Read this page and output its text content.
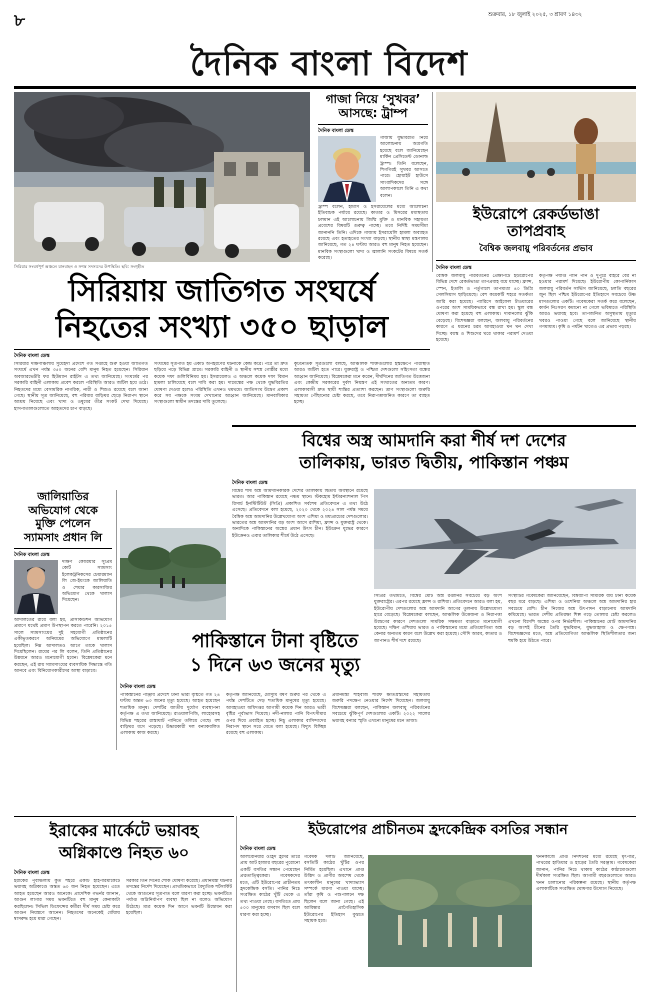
৮	শুক্রবার, ১৮ জুলাই ২০২৫, ৩ শ্রাবণ ১৪৩২
দৈনিক বাংলা বিদেশ
সিরিয়ার সংঘর্ষপূর্ণ অঞ্চলে যানবাহন ও সশস্ত্র সদস্যদের উপস্থিতি। ছবি: সংগৃহীত
গাজা নিয়ে ‘সুখবর’
আসছে: ট্রাম্প
দৈনিক বাংলা ডেস্ক
গাজায় যুদ্ধবিরতি নিয়ে আলোচনায় অগ্রগতি হয়েছে বলে জানিয়েছেন মার্কিন প্রেসিডেন্ট ডোনাল্ড ট্রাম্প। তিনি বলেছেন, শিগগিরই সুখবর আসতে পারে। হোয়াইট হাউসে সাংবাদিকদের সঙ্গে আলাপকালে তিনি এ কথা বলেন।
ট্রাম্প বলেন, হামাস ও ইসরায়েলের মধ্যে আলোচনা ইতিবাচক পর্যায়ে রয়েছে। কাতার ও মিসরের মধ্যস্থতায় চলমান এই আলোচনায় জিম্মি মুক্তি ও মানবিক সহায়তা প্রবেশের বিষয়টি গুরুত্ব পাচ্ছে। তবে নির্দিষ্ট সময়সীমা জানাননি তিনি। এদিকে গাজায় ইসরায়েলি হামলা অব্যাহত রয়েছে এবং হতাহতের সংখ্যা বাড়ছে। স্থানীয় স্বাস্থ্য মন্ত্রণালয় জানিয়েছে, গত ২৪ ঘণ্টায় আরও বহু মানুষ নিহত হয়েছেন। মানবিক সংস্থাগুলো খাদ্য ও জ্বালানি সংকটের বিষয়ে সতর্ক করেছে।
ইউরোপে রেকর্ডভাঙা
তাপপ্রবাহ
বৈশ্বিক জলবায়ু পরিবর্তনের প্রভাব
দৈনিক বাংলা ডেস্ক
বৈশ্বিক জলবায়ু পরিবর্তনের প্রেক্ষাপটে ইউরোপের বিভিন্ন দেশে রেকর্ডভাঙা তাপপ্রবাহ বয়ে যাচ্ছে। ফ্রান্স, স্পেন, ইতালি ও পর্তুগালে তাপমাত্রা ৪০ ডিগ্রি সেলসিয়াস ছাড়িয়েছে। বেশ কয়েকটি শহরে সতর্কতা জারি করা হয়েছে। প্যারিসে আইফেল টাওয়ারের ওপরের অংশ সাময়িকভাবে বন্ধ রাখা হয়। স্কুল বন্ধ ঘোষণা করা হয়েছে বহু এলাকায়। দাবানলের ঝুঁকি বেড়েছে। বিশেষজ্ঞরা বলছেন, জলবায়ু পরিবর্তনের কারণে এ ধরনের চরম আবহাওয়া ঘন ঘন দেখা দিচ্ছে। বয়স্ক ও শিশুদের ঘরে থাকার পরামর্শ দেওয়া হয়েছে।
কর্তৃপক্ষ পর্যাপ্ত পানি পান ও দুপুরে বাইরে বের না হওয়ার পরামর্শ দিয়েছে। ইউরোপীয় কোপার্নিকাস জলবায়ু পরিবর্তন সার্ভিস জানিয়েছে, চলতি বছরের জুন ছিল পশ্চিম ইউরোপের ইতিহাসে সবচেয়ে উষ্ণ মাসগুলোর একটি। গবেষকেরা সতর্ক করে বলেছেন, কার্বন নিঃসরণ কমানো না গেলে ভবিষ্যতে পরিস্থিতি আরও ভয়াবহ হবে। তাপজনিত অসুস্থতায় মৃত্যুর খবরও পাওয়া গেছে বলে জানিয়েছে স্থানীয় গণমাধ্যম। কৃষি ও পর্যটন খাতেও এর প্রভাব পড়ছে।
সিরিয়ায় জাতিগত সংঘর্ষে
নিহতের সংখ্যা ৩৫০ ছাড়াল
দৈনিক বাংলা ডেস্ক
সিরিয়ার দক্ষিণাঞ্চলীয় সুয়েইদা প্রদেশে গত সপ্তাহে শুরু হওয়া জাতিগত সংঘর্ষে এখন পর্যন্ত ৩৫০ জনের বেশি মানুষ নিহত হয়েছেন। সিরিয়ান অবজারভেটরি ফর হিউম্যান রাইটস এ তথ্য জানিয়েছে। সংঘর্ষের পর সরকারি বাহিনী এলাকায় প্রবেশ করলে পরিস্থিতি আরও জটিল হয়ে ওঠে। নিহতদের মধ্যে বেসামরিক নাগরিক, নারী ও শিশুও রয়েছে বলে জানা গেছে। স্থানীয় সূত্র জানিয়েছে, বহু পরিবার বাড়িঘর ছেড়ে নিরাপদ স্থানে আশ্রয় নিয়েছে এবং খাদ্য ও ওষুধের তীব্র সংকট দেখা দিয়েছে। হাসপাতালগুলোতে আহতদের চাপ বাড়ছে।
সংঘর্ষের সূত্রপাত হয় একটি অপহরণের ঘটনাকে কেন্দ্র করে। পরে তা দ্রুত ছড়িয়ে পড়ে বিভিন্ন গ্রামে। সরকারি বাহিনী ও স্থানীয় সশস্ত্র গোষ্ঠীর মধ্যে কয়েক দফা গুলিবিনিময় হয়। ইসরায়েলও এ অঞ্চলে কয়েক দফা বিমান হামলা চালিয়েছে বলে দাবি করা হয়। দামেস্কের পক্ষ থেকে যুদ্ধবিরতির ঘোষণা দেওয়া হলেও পরিস্থিতি এখনও থমথমে। জাতিসংঘ উদ্বেগ প্রকাশ করে সব পক্ষকে সংযম দেখানোর আহ্বান জানিয়েছে। মানবাধিকার সংস্থাগুলো স্বাধীন তদন্তের দাবি তুলেছে।
কূটনৈতিক সূত্রগুলো বলছে, আঞ্চলিক শক্তিগুলোর হস্তক্ষেপে পরিস্থিতি আরও জটিল হতে পারে। যুক্তরাষ্ট্র ও পশ্চিমা দেশগুলো সহিংসতা বন্ধের আহ্বান জানিয়েছে। বিশ্লেষকেরা মনে করেন, দীর্ঘদিনের জাতিগত উত্তেজনা এবং কেন্দ্রীয় সরকারের দুর্বল নিয়ন্ত্রণ এই সংঘাতের অন্যতম কারণ। এলাকাবাসী দ্রুত স্থায়ী শান্তির প্রত্যাশা করছেন। ত্রাণ সংস্থাগুলো জরুরি সহায়তা পৌঁছানোর চেষ্টা করছে, তবে নিরাপত্তাজনিত কারণে তা ব্যাহত হচ্ছে।
বিশ্বের অস্ত্র আমদানি করা শীর্ষ দশ দেশের
তালিকায়, ভারত দ্বিতীয়, পাকিস্তান পঞ্চম
দৈনিক বাংলা ডেস্ক
বিশ্বের শীর্ষ অস্ত্র আমদানিকারক দেশের তালিকায় দ্বিতীয় অবস্থানে রয়েছে ভারত। আর পাকিস্তান রয়েছে পঞ্চম স্থানে। স্টকহোম ইন্টারন্যাশনাল পিস রিসার্চ ইনস্টিটিউট (সিপ্রি) প্রকাশিত সর্বশেষ প্রতিবেদনে এ তথ্য উঠে এসেছে। প্রতিবেদনে বলা হয়েছে, ২০২০ থেকে ২০২৪ সাল পর্যন্ত সময়ে বৈশ্বিক অস্ত্র আমদানির উল্লেখযোগ্য অংশ এশিয়া ও মধ্যপ্রাচ্যের দেশগুলোর। ভারতের অস্ত্র আমদানির বড় অংশ আসে রাশিয়া, ফ্রান্স ও যুক্তরাষ্ট্র থেকে। অন্যদিকে পাকিস্তানের অস্ত্রের প্রধান উৎস চীন। ইউক্রেন যুদ্ধের কারণে ইউক্রেনও এবার তালিকার শীর্ষে উঠে এসেছে।
সিপ্রির তথ্যমতে, বিশ্বের মোট অস্ত্র রপ্তানির সবচেয়ে বড় অংশ যুক্তরাষ্ট্রের। এরপর রয়েছে ফ্রান্স ও রাশিয়া। প্রতিবেদনে আরও বলা হয়, ইউরোপীয় দেশগুলোর অস্ত্র আমদানি আগের তুলনায় উল্লেখযোগ্য হারে বেড়েছে। বিশ্লেষকেরা বলছেন, আঞ্চলিক উত্তেজনা ও নিরাপত্তা উদ্বেগের কারণে দেশগুলো সামরিক সক্ষমতা বাড়াতে মনোযোগী হয়েছে। দক্ষিণ এশিয়ায় ভারত ও পাকিস্তানের মধ্যে প্রতিযোগিতা অস্ত্র কেনার অন্যতম কারণ বলে উল্লেখ করা হয়েছে। সৌদি আরব, কাতার ও জাপানও শীর্ষ দশে রয়েছে।
সংস্থাটির গবেষকেরা জানিয়েছেন, বিশ্বব্যাপী সামরিক ব্যয় টানা কয়েক বছর ধরে বাড়ছে। এশিয়া ও ওশেনিয়া অঞ্চলে অস্ত্র আমদানির হার সবচেয়ে বেশি। চীন নিজের অস্ত্র উৎপাদন বাড়ানোয় আমদানি কমিয়েছে। ভারত দেশীয় প্রতিরক্ষা শিল্প গড়ে তোলার চেষ্টা করলেও এখনো বিদেশি অস্ত্রের ওপর নির্ভরশীল। পাকিস্তানের মোট আমদানির বড় অংশই চীনের তৈরি যুদ্ধবিমান, যুদ্ধজাহাজ ও ক্ষেপণাস্ত্র। বিশেষজ্ঞদের মতে, অস্ত্র প্রতিযোগিতা আঞ্চলিক স্থিতিশীলতার জন্য হুমকি হয়ে উঠতে পারে।
জালিয়াতির
অভিযোগ থেকে
মুক্তি পেলেন
স্যামসাং প্রধান লি
দৈনিক বাংলা ডেস্ক
দক্ষিণ কোরিয়ার সুপ্রিম কোর্ট স্যামসাং ইলেকট্রনিকসের চেয়ারম্যান লি জে-ইয়ংকে জালিয়াতি ও শেয়ার কারসাজির অভিযোগ থেকে খালাস দিয়েছেন।
আদালতের রায়ে বলা হয়, প্রসিকিউশন অভিযোগ প্রমাণে যথেষ্ট প্রমাণ উপস্থাপন করতে পারেনি। ২০১৫ সালে স্যামসাংয়ের দুই সহযোগী প্রতিষ্ঠানের একীভূতকরণে অনিয়মের অভিযোগে মামলাটি হয়েছিল। নিম্ন আদালতও আগে তাকে খালাস দিয়েছিলেন। রায়ের পর লি বলেন, তিনি প্রতিষ্ঠানের উন্নয়নে আরও মনোযোগী হবেন। বিশ্লেষকেরা মনে করছেন, এই রায় স্যামসাংয়ের ব্যবসায়িক সিদ্ধান্তে গতি আনবে এবং বিনিয়োগকারীদের আস্থা বাড়াবে।
পাকিস্তানে টানা বৃষ্টিতে
১ দিনে ৬৩ জনের মৃত্যু
দৈনিক বাংলা ডেস্ক
পাকিস্তানের পাঞ্জাব প্রদেশে টানা ভারী বৃষ্টিতে গত ২৪ ঘণ্টায় অন্তত ৬৩ জনের মৃত্যু হয়েছে। আহত হয়েছেন শতাধিক মানুষ। দেশটির জাতীয় দুর্যোগ ব্যবস্থাপনা কর্তৃপক্ষ এ তথ্য জানিয়েছে। রাওয়ালপিন্ডি, লাহোরসহ বিভিন্ন শহরের রাস্তাঘাট পানিতে তলিয়ে গেছে। বহু বাড়িঘর ধসে পড়েছে। উদ্ধারকারী দল বন্যাকবলিত এলাকায় কাজ করছে।
কর্তৃপক্ষ জানিয়েছে, মৌসুমি বর্ষণ শুরুর পর থেকে এ পর্যন্ত দেশটিতে দেড় শতাধিক মানুষের মৃত্যু হয়েছে। আবহাওয়া অধিদপ্তর আগামী কয়েক দিন আরও ভারী বৃষ্টির পূর্বাভাস দিয়েছে। নদী-নালার পানি বিপৎসীমার ওপর দিয়ে প্রবাহিত হচ্ছে। নিচু এলাকার বাসিন্দাদের নিরাপদ স্থানে সরে যেতে বলা হয়েছে। বিদ্যুৎ বিচ্ছিন্ন রয়েছে বহু এলাকায়।
প্রধানমন্ত্রী শাহবাজ শরিফ ক্ষতিগ্রস্তদের সহায়তায় জরুরি পদক্ষেপ নেওয়ার নির্দেশ দিয়েছেন। জলবায়ু বিশেষজ্ঞরা বলছেন, পাকিস্তান জলবায়ু পরিবর্তনের সবচেয়ে ঝুঁকিপূর্ণ দেশগুলোর একটি। ২০২২ সালের ভয়াবহ বন্যার স্মৃতি এখনো মানুষের মনে তাজা।
ইরাকের মার্কেটে ভয়াবহ
অগ্নিকাণ্ডে নিহত ৬০
দৈনিক বাংলা ডেস্ক
ইরাকের পূর্বাঞ্চলীয় কুত শহরে একটি হাইপারমার্কেটে ভয়াবহ অগ্নিকাণ্ডে অন্তত ৬০ জন নিহত হয়েছেন। এতে আহত হয়েছেন আরও অনেকে। প্রাদেশিক গভর্নর জানান, আগুন লাগার সময় ভবনটিতে বহু মানুষ কেনাকাটা করছিলেন। সিভিল ডিফেন্সের কর্মীরা দীর্ঘ সময় চেষ্টা করে আগুন নিয়ন্ত্রণে আনেন। নিহতদের অনেকেই ধোঁয়ায় শ্বাসরুদ্ধ হয়ে মারা গেছেন।
সরকার তিন দিনের শোক ঘোষণা করেছে। প্রধানমন্ত্রী ঘটনার তদন্তের নির্দেশ দিয়েছেন। প্রাথমিকভাবে বৈদ্যুতিক শর্টসার্কিট থেকে আগুনের সূত্রপাত বলে ধারণা করা হচ্ছে। ভবনটিতে পর্যাপ্ত অগ্নিনির্বাপণ ব্যবস্থা ছিল না বলেও অভিযোগ উঠেছে। মাত্র কয়েক দিন আগে ভবনটি উদ্বোধন করা হয়েছিল।
ইউরোপের প্রাচীনতম হ্রদকেন্দ্রিক বসতির সন্ধান
দৈনিক বাংলা ডেস্ক
আলবেনিয়ার ওহ্রিদ হ্রদের তীরে প্রায় আট হাজার বছরের পুরোনো একটি বসতির সন্ধান পেয়েছেন প্রত্নতাত্ত্বিকেরা। গবেষকদের মতে, এটি ইউরোপের প্রাচীনতম হ্রদকেন্দ্রিক বসতি। পানির নিচে সংরক্ষিত কাঠের খুঁটি থেকে এ তথ্য পাওয়া গেছে। বসতিতে প্রায় ৫০০ মানুষের বসবাস ছিল বলে ধারণা করা হচ্ছে।
গবেষক দলটি জানিয়েছে, বসতিটি কাঠের খুঁটির ওপর নির্মিত হয়েছিল। এখানে প্রাপ্ত উদ্ভিদ ও প্রাণীর অবশেষ থেকে তৎকালীন মানুষের খাদ্যাভ্যাস সম্পর্কে ধারণা পাওয়া যাচ্ছে। তাঁরা কৃষি ও পশুপালনে দক্ষ ছিলেন বলে জানা গেছে। এই আবিষ্কার প্রাগৈতিহাসিক ইউরোপের ইতিহাস বুঝতে সহায়ক হবে।
খননকাজে প্রাপ্ত নিদর্শনের মধ্যে রয়েছে মৃৎপাত্র, পাথরের হাতিয়ার ও হাড়ের তৈরি সরঞ্জাম। গবেষকেরা জানান, পানির নিচে থাকায় কাঠের কাঠামোগুলো দীর্ঘকাল সংরক্ষিত ছিল। আগামী বছরগুলোতে আরও খনন চালানোর পরিকল্পনা রয়েছে। স্থানীয় কর্তৃপক্ষ এলাকাটিকে সংরক্ষিত ঘোষণার উদ্যোগ নিয়েছে।
